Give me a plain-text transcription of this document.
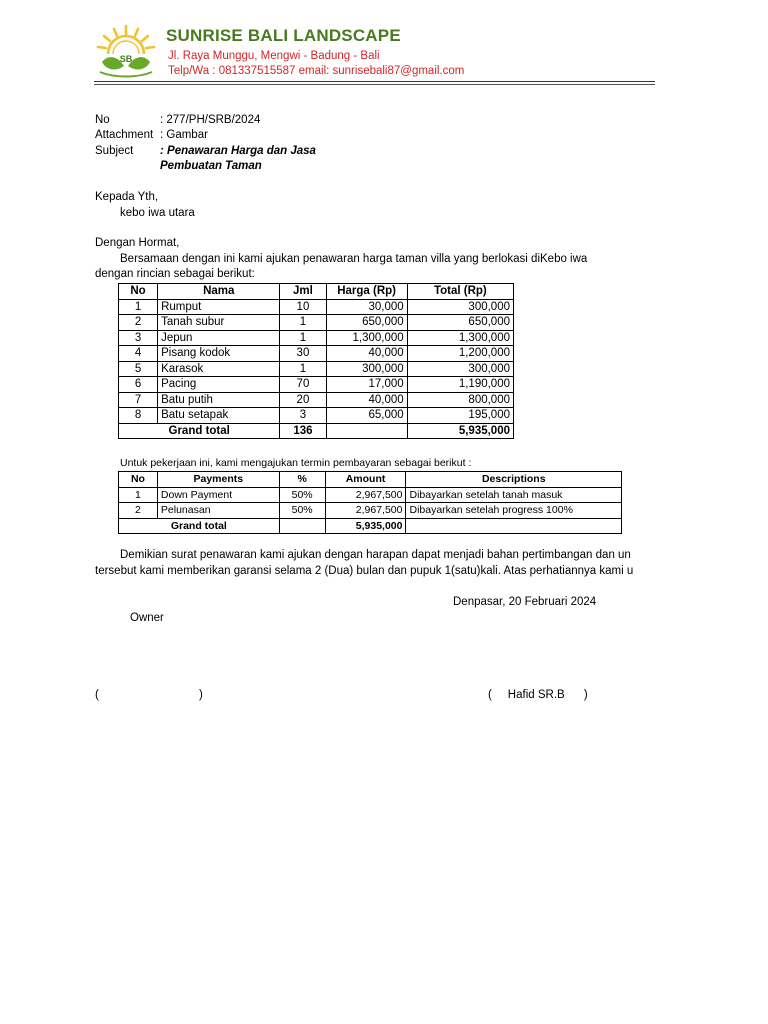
SB
SUNRISE BALI LANDSCAPE
Jl. Raya Munggu, Mengwi - Badung - Bali
Telp/Wa : 081337515587 email: sunrisebali87@gmail.com
No	: 277/PH/SRB/2024
Attachment : Gambar
Subject : Penawaran Harga dan Jasa
Pembuatan Taman
Kepada Yth,
kebo iwa utara
Dengan Hormat,
Bersamaan dengan ini kami ajukan penawaran harga taman villa yang berlokasi diKebo iwa
dengan rincian sebagai berikut:
No	Nama	Jml	Harga (Rp)	Total (Rp)
1	Rumput	10	30,000	300,000
2	Tanah subur	1	650,000	650,000
3	Jepun	1	1,300,000	1,300,000
4	Pisang kodok	30	40,000	1,200,000
5	Karasok	1	300,000	300,000
6	Pacing	70	17,000	1,190,000
7	Batu putih	20	40,000	800,000
8	Batu setapak	3	65,000	195,000
Grand total		136		5,935,000
Untuk pekerjaan ini, kami mengajukan termin pembayaran sebagai berikut :
No	Payments	%	Amount	Descriptions
1	Down Payment	50%	2,967,500	Dibayarkan setelah tanah masuk
2	Pelunasan	50%	2,967,500	Dibayarkan setelah progress 100%
Grand total			5,935,000	
Demikian surat penawaran kami ajukan dengan harapan dapat menjadi bahan pertimbangan dan un
tersebut kami memberikan garansi selama 2 (Dua) bulan dan pupuk 1(satu)kali. Atas perhatiannya kami u
Denpasar, 20 Februari 2024
Owner
(	)	(     Hafid SR.B      )
